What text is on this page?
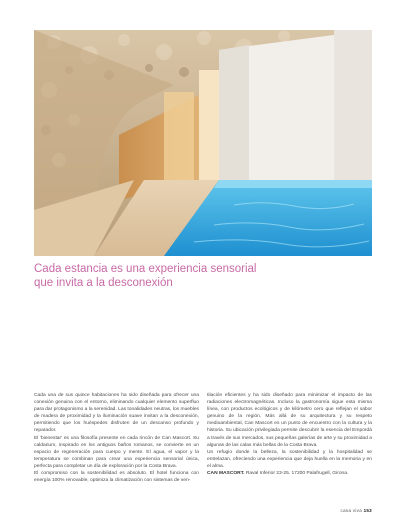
Cada estancia es una experiencia sensorial
que invita a la desconexión

Cada una de sus quince habitaciones ha sido diseñada para ofrecer una conexión genuina con el entorno, eliminando cualquier elemento superfluo para dar protagonismo a la serenidad. Las tonalidades neutras, los muebles de madera de proximidad y la iluminación suave invitan a la desconexión, permitiendo que los huéspedes disfruten de un descanso profundo y reparador.

El 'bienestar' es una filosofía presente en cada rincón de Can Mascort. Su caldarium, inspirado en los antiguos baños romanos, se convierte en un espacio de regeneración para cuerpo y mente. El agua, el vapor y la temperatura se combinan para crear una experiencia sensorial única, perfecta para completar un día de exploración por la Costa Brava.

El compromiso con la sostenibilidad es absoluto. El hotel funciona con energía 100% renovable, optimiza la climatización con sistemas de ven-

tilación eficientes y ha sido diseñado para minimizar el impacto de las radiaciones electromagnéticas. Incluso la gastronomía sigue esta misma línea, con productos ecológicos y de kilómetro cero que reflejan el sabor genuino de la región. Más allá de su arquitectura y su respeto medioambiental, Can Mascort es un punto de encuentro con la cultura y la historia. Su ubicación privilegiada permite descubrir la esencia del Empordà a través de sus mercados, sus pequeñas galerías de arte y su proximidad a algunas de las calas más bellas de la Costa Brava.

Un refugio donde la belleza, la sostenibilidad y la hospitalidad se entrelazan, ofreciendo una experiencia que deja huella en la memoria y en el alma.

CAN MASCORT. Raval Inferior 23-25. 17200 Palafrugell, Girona.

casa viva 153
